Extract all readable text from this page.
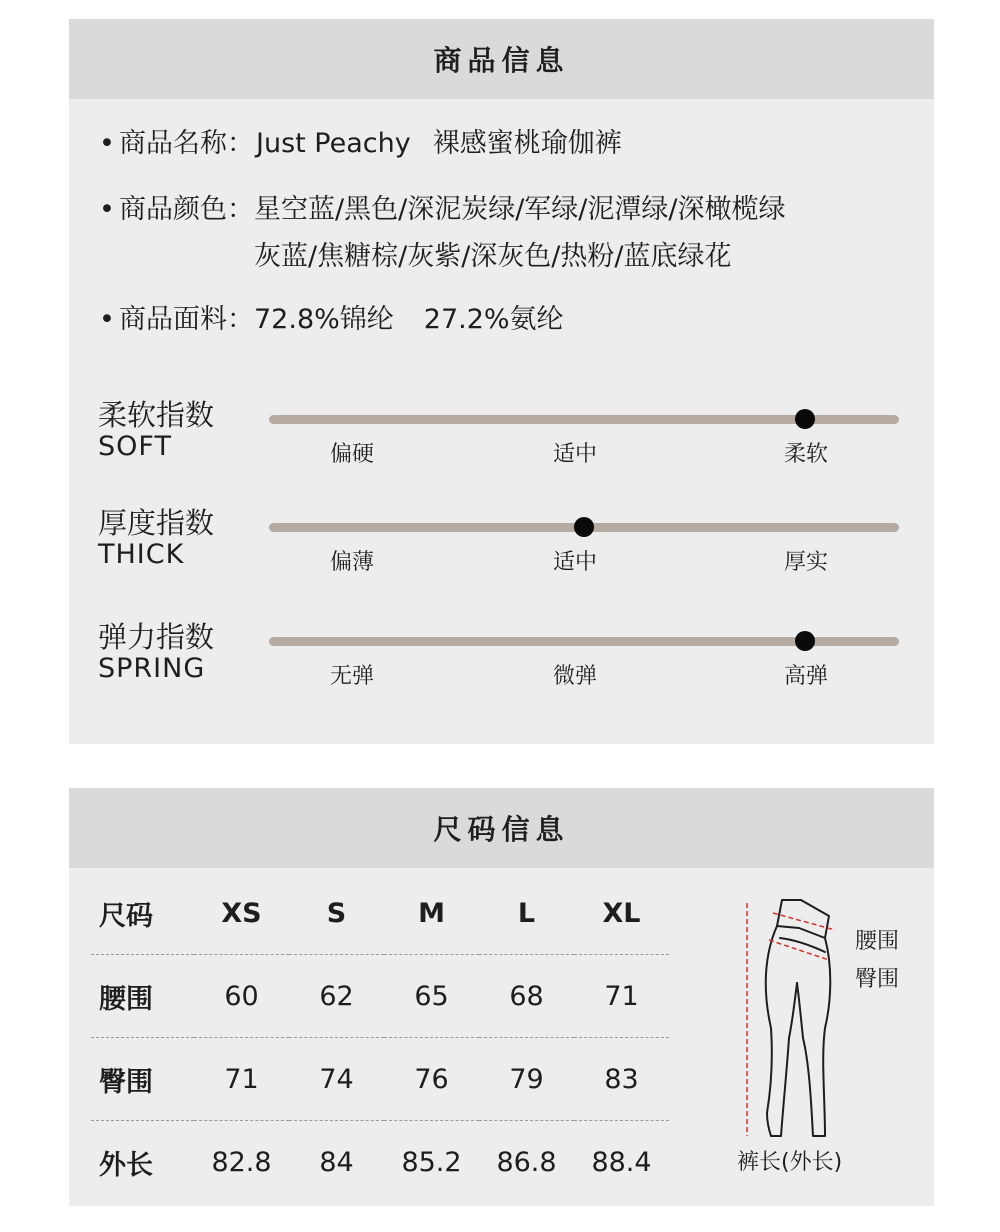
商品信息
• 商品名称： Just Peachy 裸感蜜桃瑜伽裤
• 商品颜色： 星空蓝/黑色/深泥炭绿/军绿/泥潭绿/深橄榄绿
灰蓝/焦糖棕/灰紫/深灰色/热粉/蓝底绿花
• 商品面料： 72.8%锦纶 27.2%氨纶
柔软指数
SOFT	偏硬	适中	柔软
厚度指数
THICK	偏薄	适中	厚实
弹力指数
SPRING	无弹	微弹	高弹
尺码信息
尺码	XS	S	M	L	XL
腰围	60	62	65	68	71
臀围	71	74	76	79	83
外长	82.8	84	85.2	86.8	88.4
腰围
臀围
裤长(外长)
